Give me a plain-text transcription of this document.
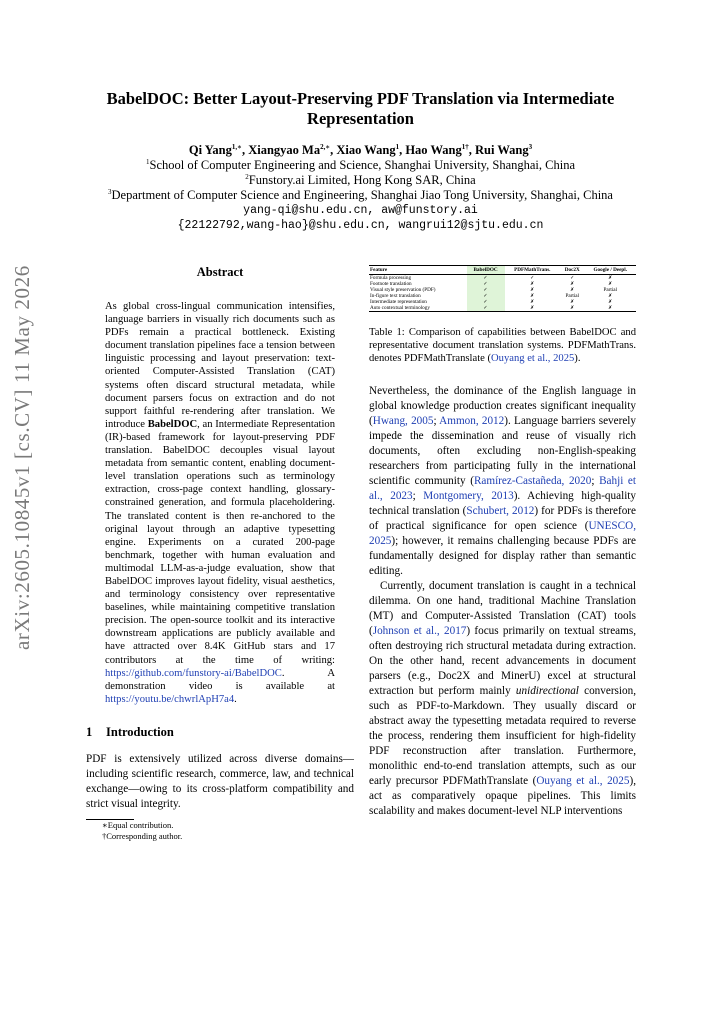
arXiv:2605.10845v1 [cs.CV] 11 May 2026
BabelDOC: Better Layout-Preserving PDF Translation via Intermediate Representation
Qi Yang$^{1,∗}$, Xiangyao $Ma^{2,∗}$, Xiao Wang$^1$, Hao Wang$^{1\dagger}$, Rui Wang$^3$
$^1$School of Computer Engineering and Science, Shanghai University, Shanghai, China
$^2$Funstory.ai Limited, Hong Kong SAR, China
$^3$Department of Computer Science and Engineering, Shanghai Jiao Tong University, Shanghai, China
yang-qi@shu.edu.cn, aw@funstory.ai
{22122792,wang-hao}@shu.edu.cn, wangrui12@sjtu.edu.cn
Abstract
As global cross-lingual communication intensifies, language barriers in visually rich documents such as PDFs remain a practical bottleneck. Existing document translation pipelines face a tension between linguistic processing and layout preservation: text-oriented Computer-Assisted Translation (CAT) systems often discard structural metadata, while document parsers focus on extraction and do not support faithful re-rendering after translation. We introduce BabelDOC, an Intermediate Representation (IR)-based framework for layout-preserving PDF translation. BabelDOC decouples visual layout metadata from semantic content, enabling document-level translation operations such as terminology extraction, cross-page context handling, glossary-constrained generation, and formula placeholdering. The translated content is then re-anchored to the original layout through an adaptive typesetting engine. Experiments on a curated 200-page benchmark, together with human evaluation and multimodal LLM-as-a-judge evaluation, show that BabelDOC improves layout fidelity, visual aesthetics, and terminology consistency over representative baselines, while maintaining competitive translation precision. The open-source toolkit and its interactive downstream applications are publicly available and have attracted over 8.4K GitHub stars and 17 contributors at the time of writing: https://github.com/funstory-ai/BabelDOC. A demonstration video is available at https://youtu.be/chwrlApH7a4.
1 Introduction
PDF is extensively utilized across diverse domains—including scientific research, commerce, law, and technical exchange—owing to its cross-platform compatibility and strict visual integrity.
∗Equal contribution.
†Corresponding author.
Feature	BabelDOC	PDFMathTrans.	Doc2X	Google / Deepl.
Formula processing	✓	✓	✓	✗
Footnote translation	✓	✗	✗	✗
Visual style preservation (PDF)	✓	✗	✗	Partial
In-figure text translation	✓	✗	Partial	✗
Intermediate representation	✓	✗	✗	✗
Auto contextual terminology	✓	✗	✗	✗
Table 1: Comparison of capabilities between BabelDOC and representative document translation systems. PDFMathTrans. denotes PDFMathTranslate (Ouyang et al., 2025).

Nevertheless, the dominance of the English language in global knowledge production creates significant inequality (Hwang, 2005; Ammon, 2012). Language barriers severely impede the dissemination and reuse of visually rich documents, often excluding non-English-speaking researchers from participating fully in the international scientific community (Ramírez-Castañeda, 2020; Bahji et al., 2023; Montgomery, 2013). Achieving high-quality technical translation (Schubert, 2012) for PDFs is therefore of practical significance for open science (UNESCO, 2025); however, it remains challenging because PDFs are fundamentally designed for display rather than semantic editing.

Currently, document translation is caught in a technical dilemma. On one hand, traditional Machine Translation (MT) and Computer-Assisted Translation (CAT) tools (Johnson et al., 2017) focus primarily on textual streams, often destroying rich structural metadata during extraction. On the other hand, recent advancements in document parsers (e.g., Doc2X and MinerU) excel at structural extraction but perform mainly unidirectional conversion, such as PDF-to-Markdown. They usually discard or abstract away the typesetting metadata required to reverse the process, rendering them insufficient for high-fidelity PDF reconstruction after translation. Furthermore, monolithic end-to-end translation attempts, such as our early precursor PDFMathTranslate (Ouyang et al., 2025), act as comparatively opaque pipelines. This limits scalability and makes document-level NLP interventions
